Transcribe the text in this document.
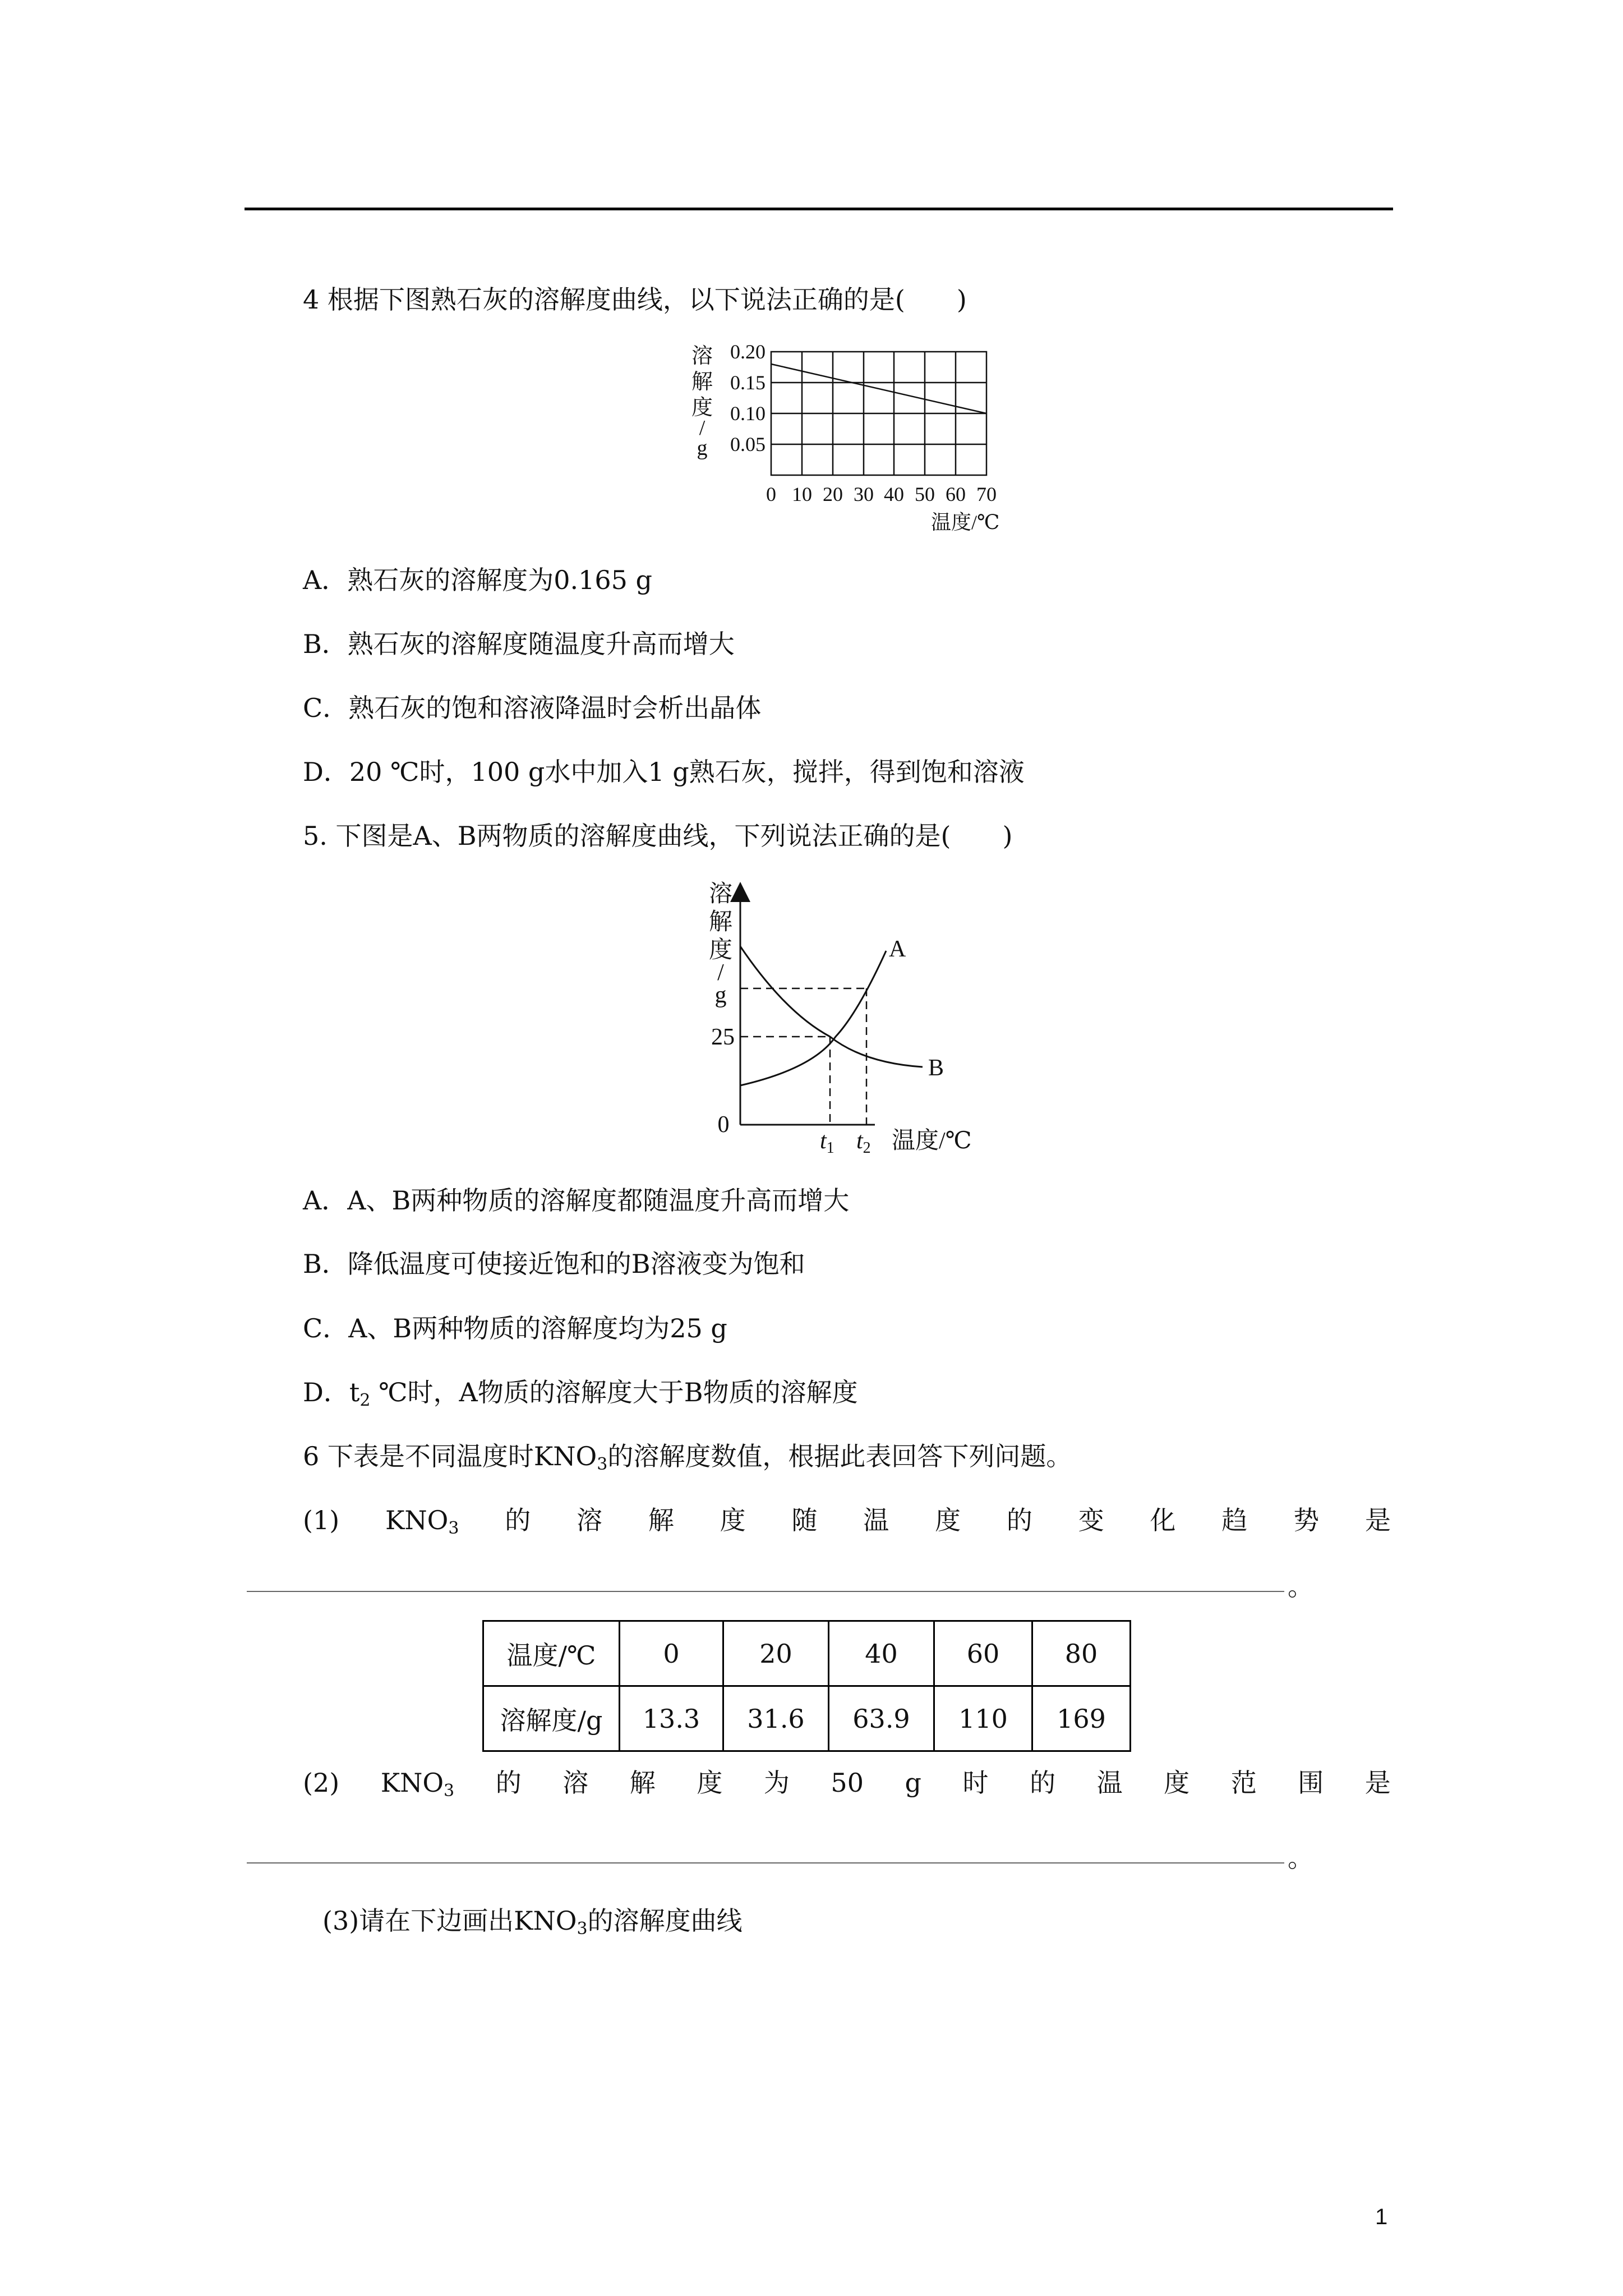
4 根据下图熟石灰的溶解度曲线，以下说法正确的是(　　)
溶
解
度
/
g
0.20
0.15
0.10
0.05
0 10 20 30 40 50 60 70
温度/℃
A．熟石灰的溶解度为0.165 g
B．熟石灰的溶解度随温度升高而增大
C．熟石灰的饱和溶液降温时会析出晶体
D．20 ℃时，100 g水中加入1 g熟石灰，搅拌，得到饱和溶液
5. 下图是A、B两物质的溶解度曲线，下列说法正确的是(　　)
溶
解
度
/
g
25
0
A
B
t1 t2 温度/℃
A．A、B两种物质的溶解度都随温度升高而增大
B．降低温度可使接近饱和的B溶液变为饱和
C．A、B两种物质的溶解度均为25 g
D．$t_2$ ℃时，A物质的溶解度大于B物质的溶解度
6 下表是不同温度时$KNO_3$的溶解度数值，根据此表回答下列问题。
(1) $KNO_3$ 的 溶 解 度 随 温 度 的 变 化 趋 势 是
。
温度/℃	0	20	40	60	80
溶解度/g	13.3	31.6	63.9	110	169
(2) $KNO_3$ 的 溶 解 度 为 50 g 时 的 温 度 范 围 是
。
(3)请在下边画出$KNO_3$的溶解度曲线
1
